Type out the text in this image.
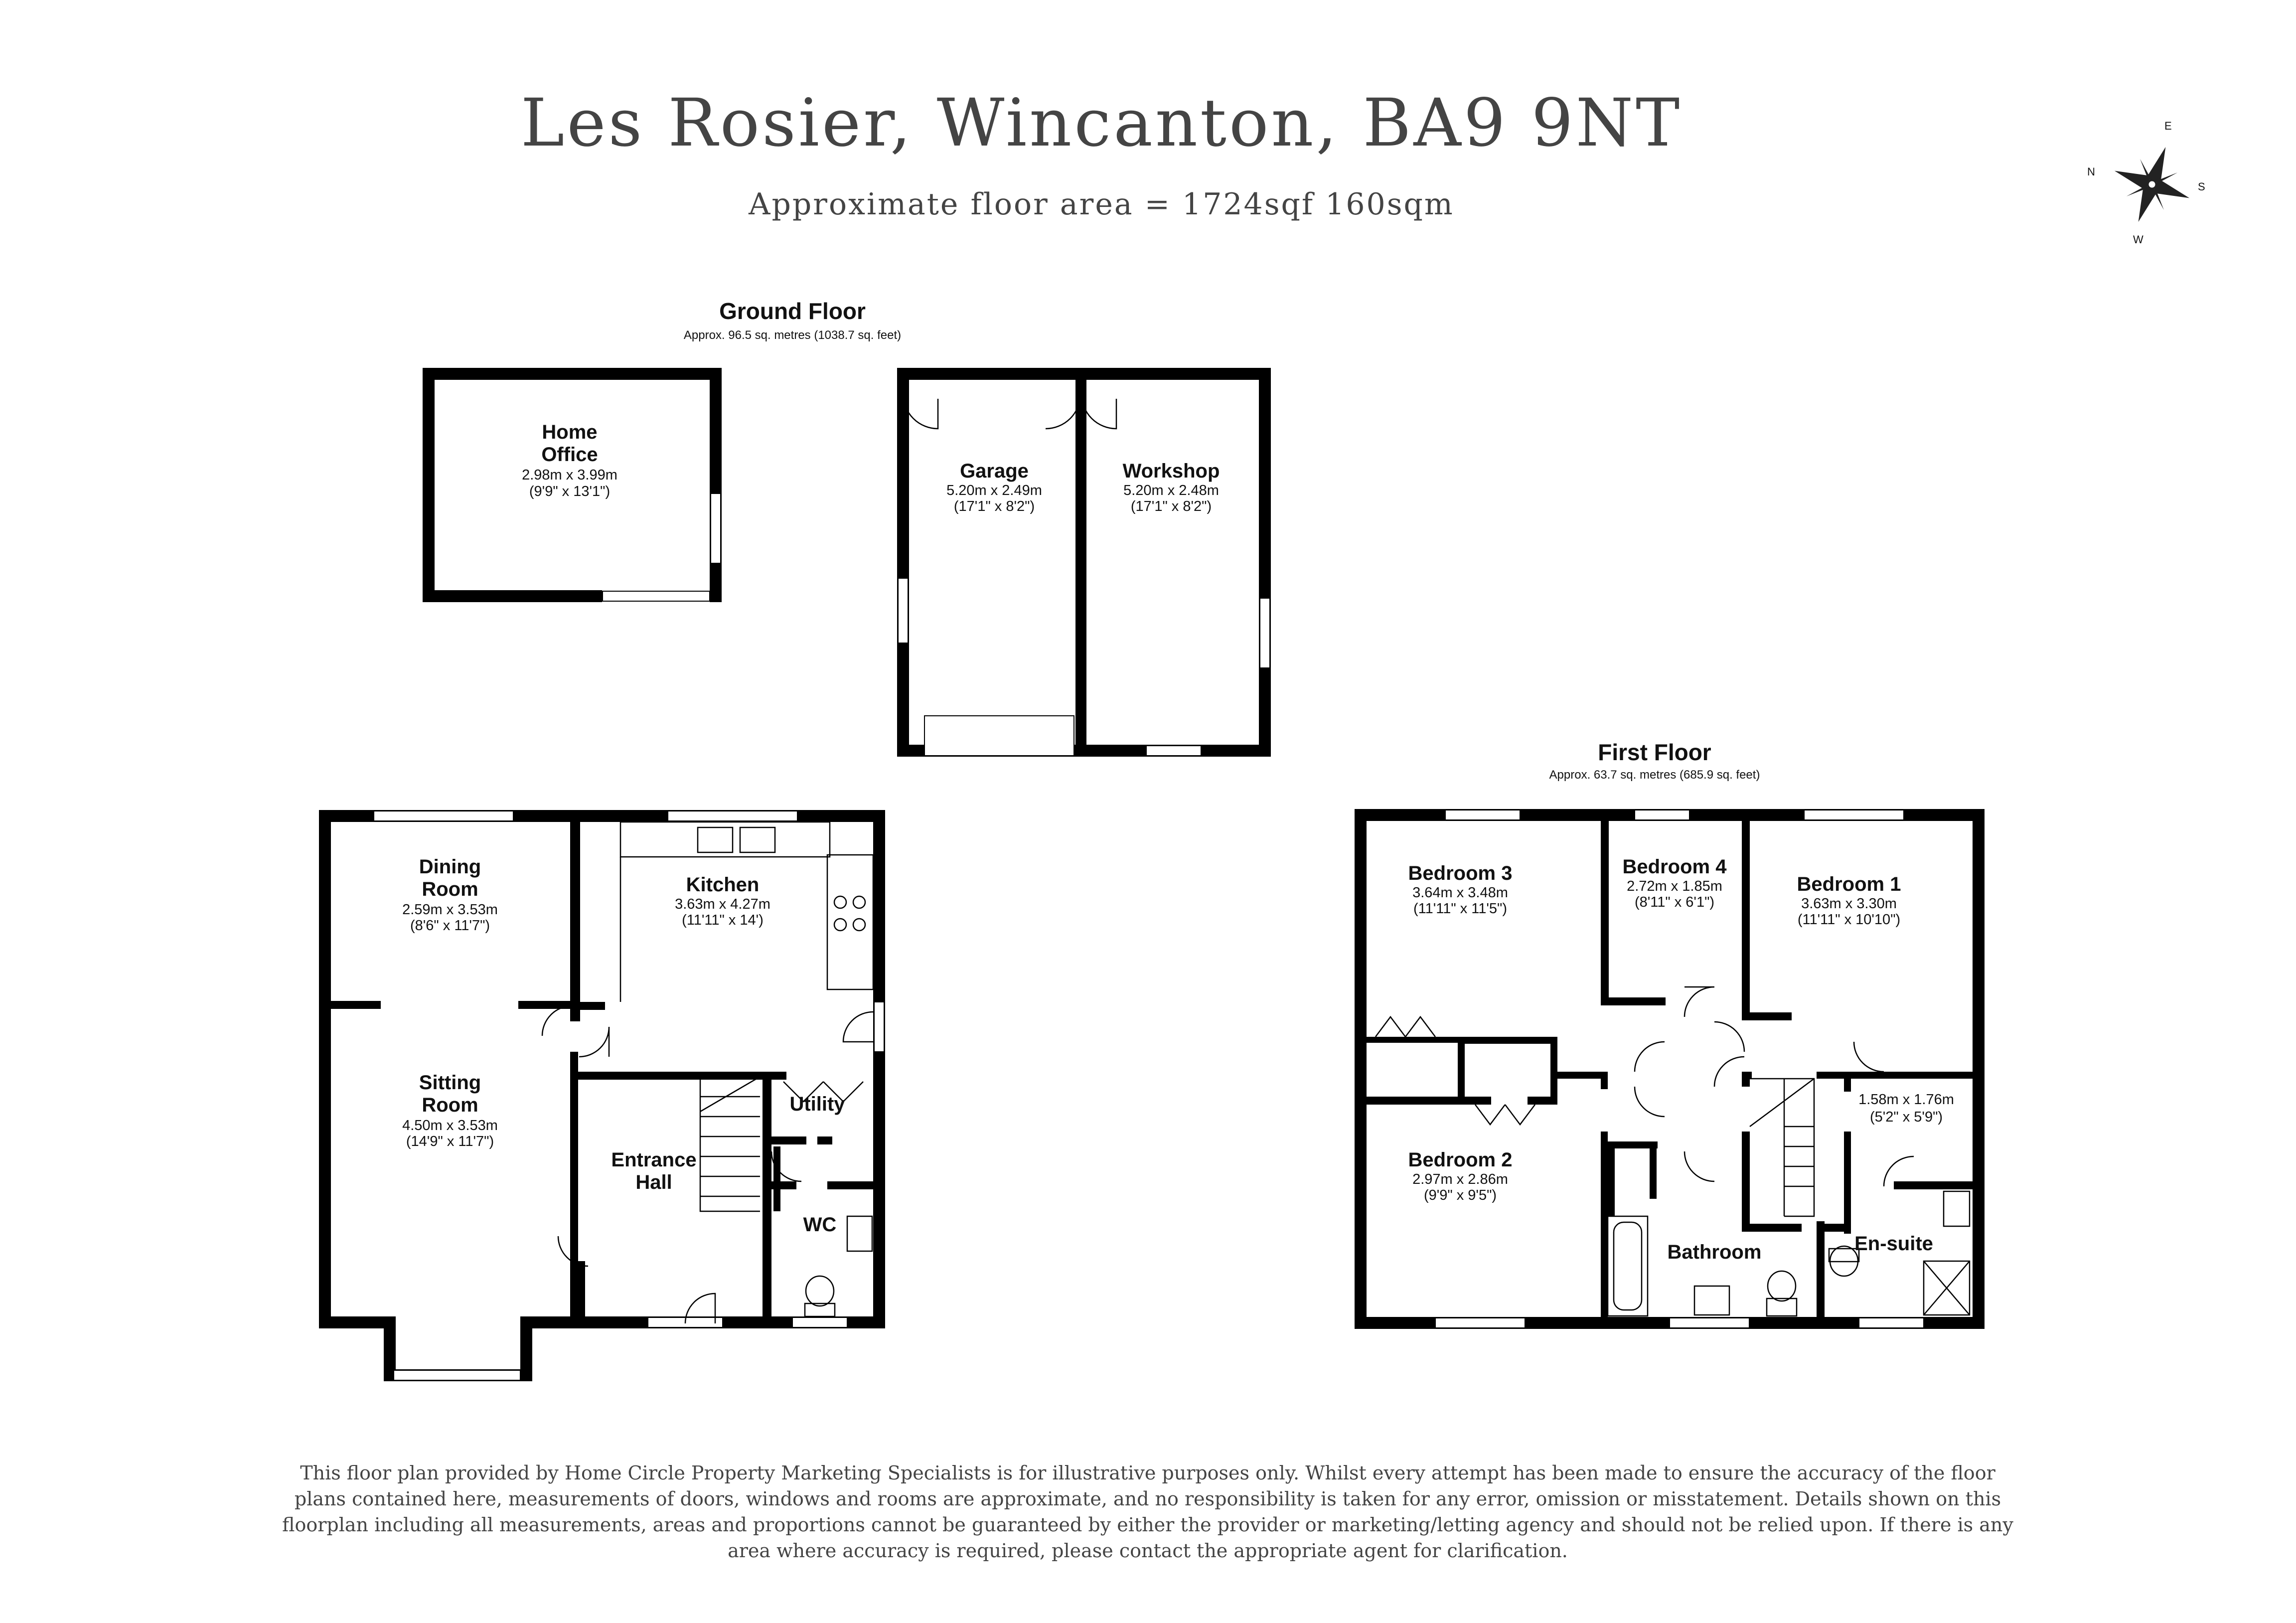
Les Rosier, Wincanton, BA9 9NT
Approximate floor area = 1724sqf 160sqm
N
E
S
W
Ground Floor
Approx. 96.5 sq. metres (1038.7 sq. feet)
Home
Office
2.98m x 3.99m
(9'9" x 13'1")
Garage
5.20m x 2.49m
(17'1" x 8'2")
Workshop
5.20m x 2.48m
(17'1" x 8'2")
Dining
Room
2.59m x 3.53m
(8'6" x 11'7")
Kitchen
3.63m x 4.27m
(11'11" x 14')
Sitting
Room
4.50m x 3.53m
(14'9" x 11'7")
Utility
Entrance
Hall
WC
First Floor
Approx. 63.7 sq. metres (685.9 sq. feet)
Bedroom 3
3.64m x 3.48m
(11'11" x 11'5")
Bedroom 4
2.72m x 1.85m
(8'11" x 6'1")
Bedroom 1
3.63m x 3.30m
(11'11" x 10'10")
Bedroom 2
2.97m x 2.86m
(9'9" x 9'5")
1.58m x 1.76m
(5'2" x 5'9")
En-suite
Bathroom
This floor plan provided by Home Circle Property Marketing Specialists is for illustrative purposes only. Whilst every attempt has been made to ensure the accuracy of the floor
plans contained here, measurements of doors, windows and rooms are approximate, and no responsibility is taken for any error, omission or misstatement. Details shown on this
floorplan including all measurements, areas and proportions cannot be guaranteed by either the provider or marketing/letting agency and should not be relied upon. If there is any
area where accuracy is required, please contact the appropriate agent for clarification.
